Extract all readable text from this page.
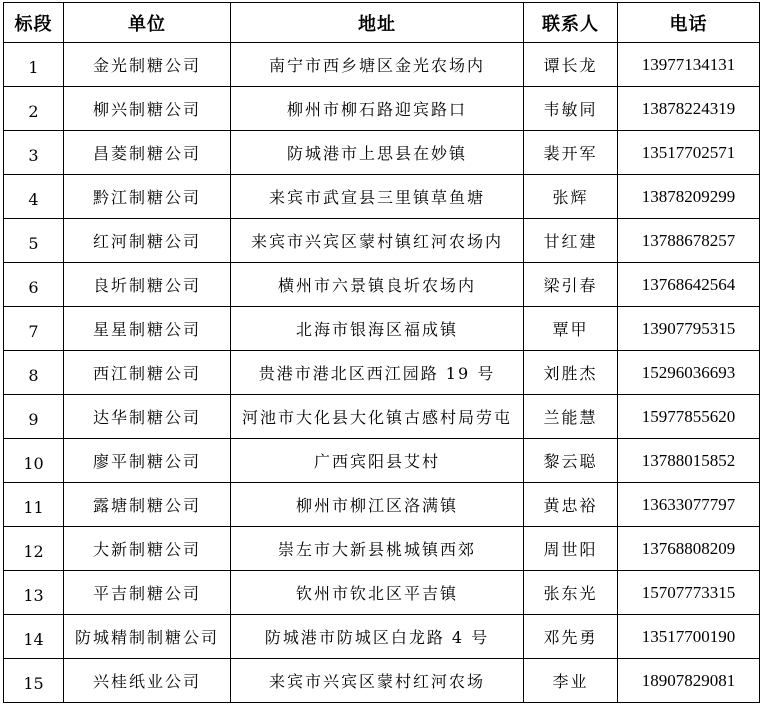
标段	单位	地址	联系人	电话
1	金光制糖公司	南宁市西乡塘区金光农场内	谭长龙	13977134131
2	柳兴制糖公司	柳州市柳石路迎宾路口	韦敏同	13878224319
3	昌菱制糖公司	防城港市上思县在妙镇	裴开军	13517702571
4	黔江制糖公司	来宾市武宣县三里镇草鱼塘	张辉	13878209299
5	红河制糖公司	来宾市兴宾区蒙村镇红河农场内	甘红建	13788678257
6	良圻制糖公司	横州市六景镇良圻农场内	梁引春	13768642564
7	星星制糖公司	北海市银海区福成镇	覃甲	13907795315
8	西江制糖公司	贵港市港北区西江园路 19 号	刘胜杰	15296036693
9	达华制糖公司	河池市大化县大化镇古感村局劳屯	兰能慧	15977855620
10	廖平制糖公司	广西宾阳县艾村	黎云聪	13788015852
11	露塘制糖公司	柳州市柳江区洛满镇	黄忠裕	13633077797
12	大新制糖公司	崇左市大新县桃城镇西郊	周世阳	13768808209
13	平吉制糖公司	钦州市钦北区平吉镇	张东光	15707773315
14	防城精制制糖公司	防城港市防城区白龙路 4 号	邓先勇	13517700190
15	兴桂纸业公司	来宾市兴宾区蒙村红河农场	李业	18907829081
